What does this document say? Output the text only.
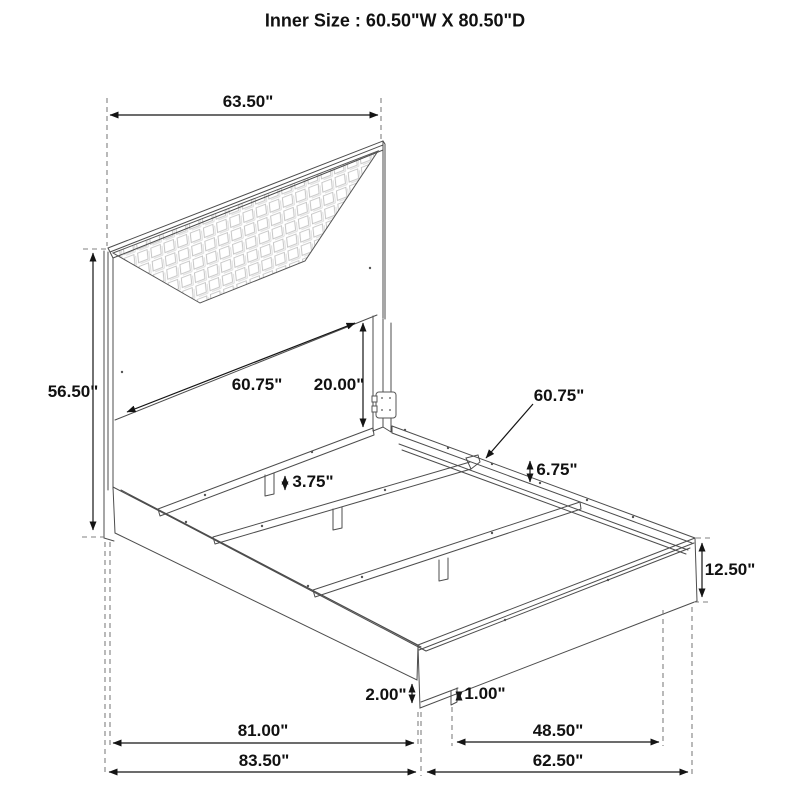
Inner Size : 60.50"W X 80.50"D
63.50"
56.50"	60.75" 20.00"
60.75"
6.75"
3.75"
12.50"
2.00"	1.00"
81.00"	48.50"
83.50"	62.50"
